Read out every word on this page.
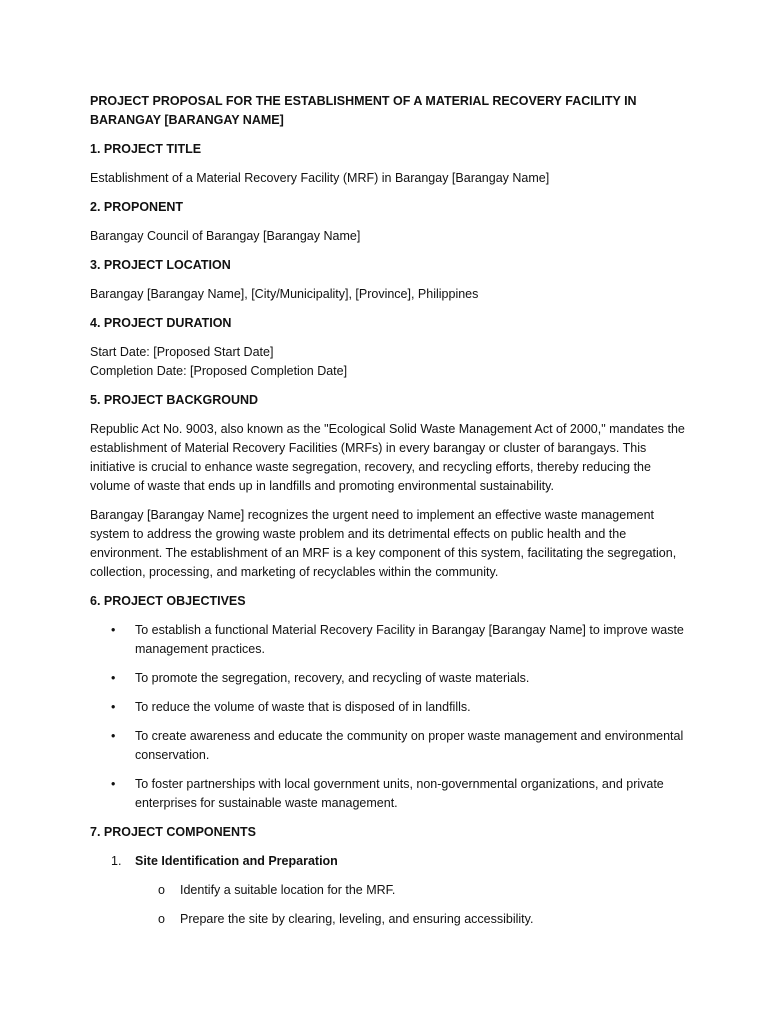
PROJECT PROPOSAL FOR THE ESTABLISHMENT OF A MATERIAL RECOVERY FACILITY IN BARANGAY [BARANGAY NAME]
1. PROJECT TITLE
Establishment of a Material Recovery Facility (MRF) in Barangay [Barangay Name]
2. PROPONENT
Barangay Council of Barangay [Barangay Name]
3. PROJECT LOCATION
Barangay [Barangay Name], [City/Municipality], [Province], Philippines
4. PROJECT DURATION
Start Date: [Proposed Start Date]
Completion Date: [Proposed Completion Date]
5. PROJECT BACKGROUND
Republic Act No. 9003, also known as the "Ecological Solid Waste Management Act of 2000," mandates the establishment of Material Recovery Facilities (MRFs) in every barangay or cluster of barangays. This initiative is crucial to enhance waste segregation, recovery, and recycling efforts, thereby reducing the volume of waste that ends up in landfills and promoting environmental sustainability.
Barangay [Barangay Name] recognizes the urgent need to implement an effective waste management system to address the growing waste problem and its detrimental effects on public health and the environment. The establishment of an MRF is a key component of this system, facilitating the segregation, collection, processing, and marketing of recyclables within the community.
6. PROJECT OBJECTIVES
• To establish a functional Material Recovery Facility in Barangay [Barangay Name] to improve waste management practices.
• To promote the segregation, recovery, and recycling of waste materials.
• To reduce the volume of waste that is disposed of in landfills.
• To create awareness and educate the community on proper waste management and environmental conservation.
• To foster partnerships with local government units, non-governmental organizations, and private enterprises for sustainable waste management.
7. PROJECT COMPONENTS
1. Site Identification and Preparation
o Identify a suitable location for the MRF.
o Prepare the site by clearing, leveling, and ensuring accessibility.
